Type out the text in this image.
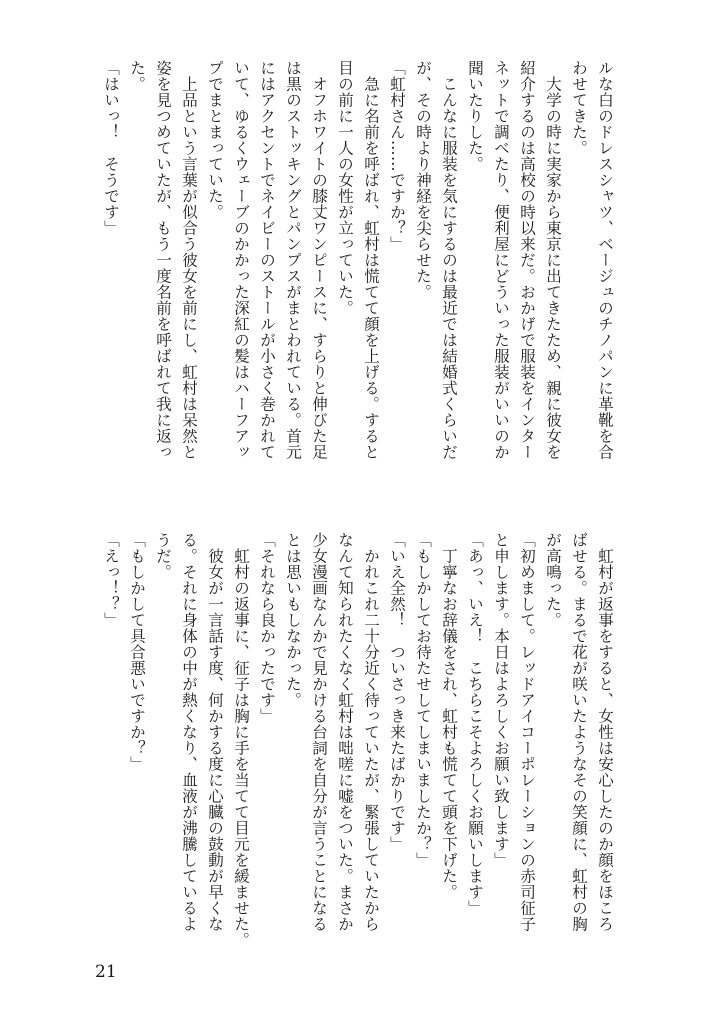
ルな白のドレスシャツ、ベージュのチノパンに革靴を合
わせてきた。
　大学の時に実家から東京に出てきたため、親に彼女を
紹介するのは高校の時以来だ。おかげで服装をインター
ネットで調べたり、便利屋にどういった服装がいいのか
聞いたりした。
　こんなに服装を気にするのは最近では結婚式くらいだ
が、その時より神経を尖らせた。
「虹村さん……ですか？」
　急に名前を呼ばれ、虹村は慌てて顔を上げる。すると
目の前に一人の女性が立っていた。
　オフホワイトの膝丈ワンピースに、すらりと伸びた足
は黒のストッキングとパンプスがまとわれている。首元
にはアクセントでネイビーのストールが小さく巻かれて
いて、ゆるくウェーブのかかった深紅の髪はハーフアッ
プでまとまっていた。
　上品という言葉が似合う彼女を前にし、虹村は呆然と
姿を見つめていたが、もう一度名前を呼ばれて我に返っ
た。
「はいっ！　そうです」
　虹村が返事をすると、女性は安心したのか顔をほころ
ばせる。まるで花が咲いたようなその笑顔に、虹村の胸
が高鳴った。
「初めまして。レッドアイコーポレーションの赤司征子
と申します。本日はよろしくお願い致します」
「あっ、いえ！　こちらこそよろしくお願いします」
　丁寧なお辞儀をされ、虹村も慌てて頭を下げた。
「もしかしてお待たせしてしまいましたか？」
「いえ全然！　ついさっき来たばかりです」
　かれこれ二十分近く待っていたが、緊張していたから
なんて知られたくなく虹村は咄嗟に嘘をついた。まさか
少女漫画なんかで見かける台詞を自分が言うことになる
とは思いもしなかった。
「それなら良かったです」
　虹村の返事に、征子は胸に手を当てて目元を緩ませた。
　彼女が一言話す度、何かする度に心臓の鼓動が早くな
る。それに身体の中が熱くなり、血液が沸騰しているよ
うだ。
「もしかして具合悪いですか？」
「えっ！？」
21
